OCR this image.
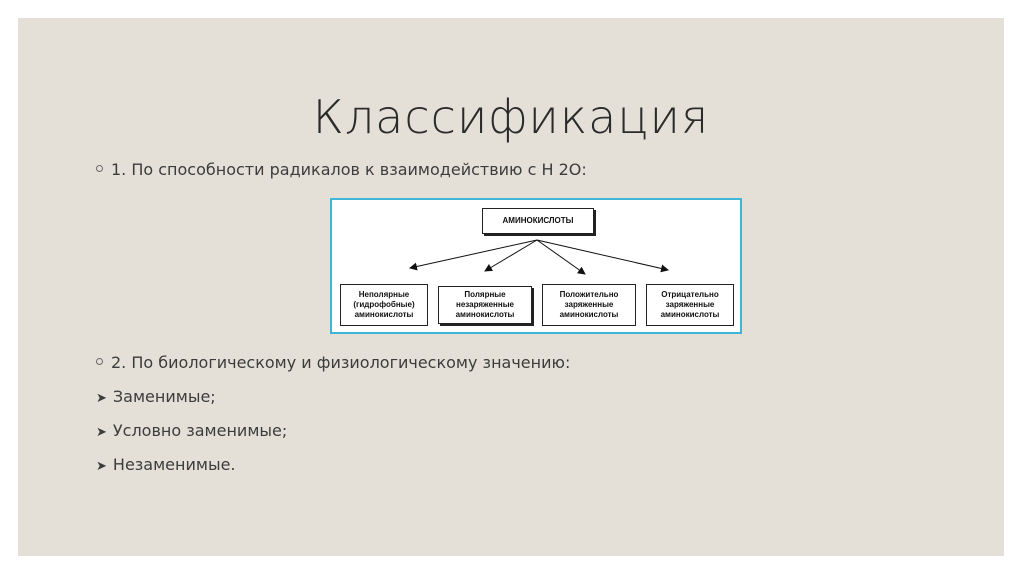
Классификация
1. По способности радикалов к взаимодействию с Н 2О:
АМИНОКИСЛОТЫ
Неполярные
(гидрофобные)
аминокислоты
Полярные
незаряженные
аминокислоты
Положительно
заряженные
аминокислоты
Отрицательно
заряженные
аминокислоты
2. По биологическому и физиологическому значению:
➤ Заменимые;
➤ Условно заменимые;
➤ Незаменимые.
